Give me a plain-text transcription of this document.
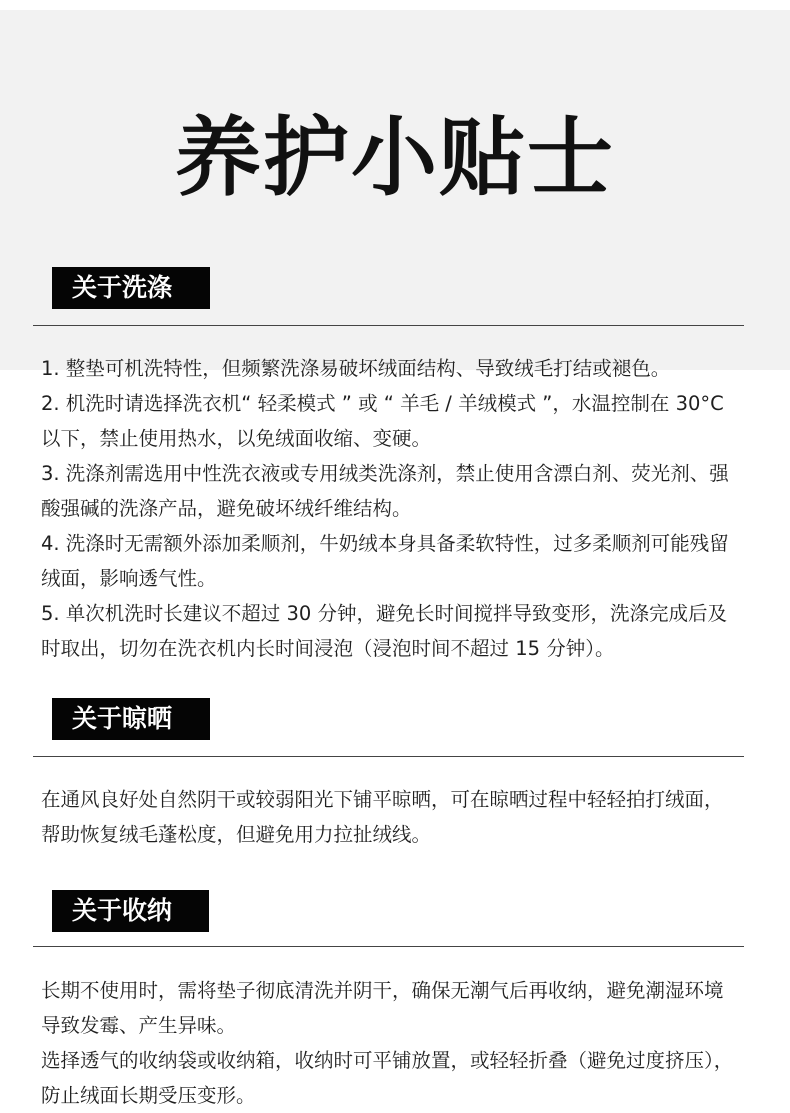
养护小贴士
关于洗涤

1. 整垫可机洗特性，但频繁洗涤易破坏绒面结构、导致绒毛打结或褪色。

2. 机洗时请选择洗衣机“ 轻柔模式 ” 或 “ 羊毛 / 羊绒模式 ”，水温控制在 30°C以下，禁止使用热水，以免绒面收缩、变硬。

3. 洗涤剂需选用中性洗衣液或专用绒类洗涤剂，禁止使用含漂白剂、荧光剂、强酸强碱的洗涤产品，避免破坏绒纤维结构。

4. 洗涤时无需额外添加柔顺剂，牛奶绒本身具备柔软特性，过多柔顺剂可能残留绒面，影响透气性。

5. 单次机洗时长建议不超过 30 分钟，避免长时间搅拌导致变形，洗涤完成后及时取出，切勿在洗衣机内长时间浸泡（浸泡时间不超过 15 分钟）。

关于晾晒

在通风良好处自然阴干或较弱阳光下铺平晾晒，可在晾晒过程中轻轻拍打绒面，帮助恢复绒毛蓬松度，但避免用力拉扯绒线。

关于收纳

长期不使用时，需将垫子彻底清洗并阴干，确保无潮气后再收纳，避免潮湿环境导致发霉、产生异味。

选择透气的收纳袋或收纳箱，收纳时可平铺放置，或轻轻折叠（避免过度挤压），防止绒面长期受压变形。
